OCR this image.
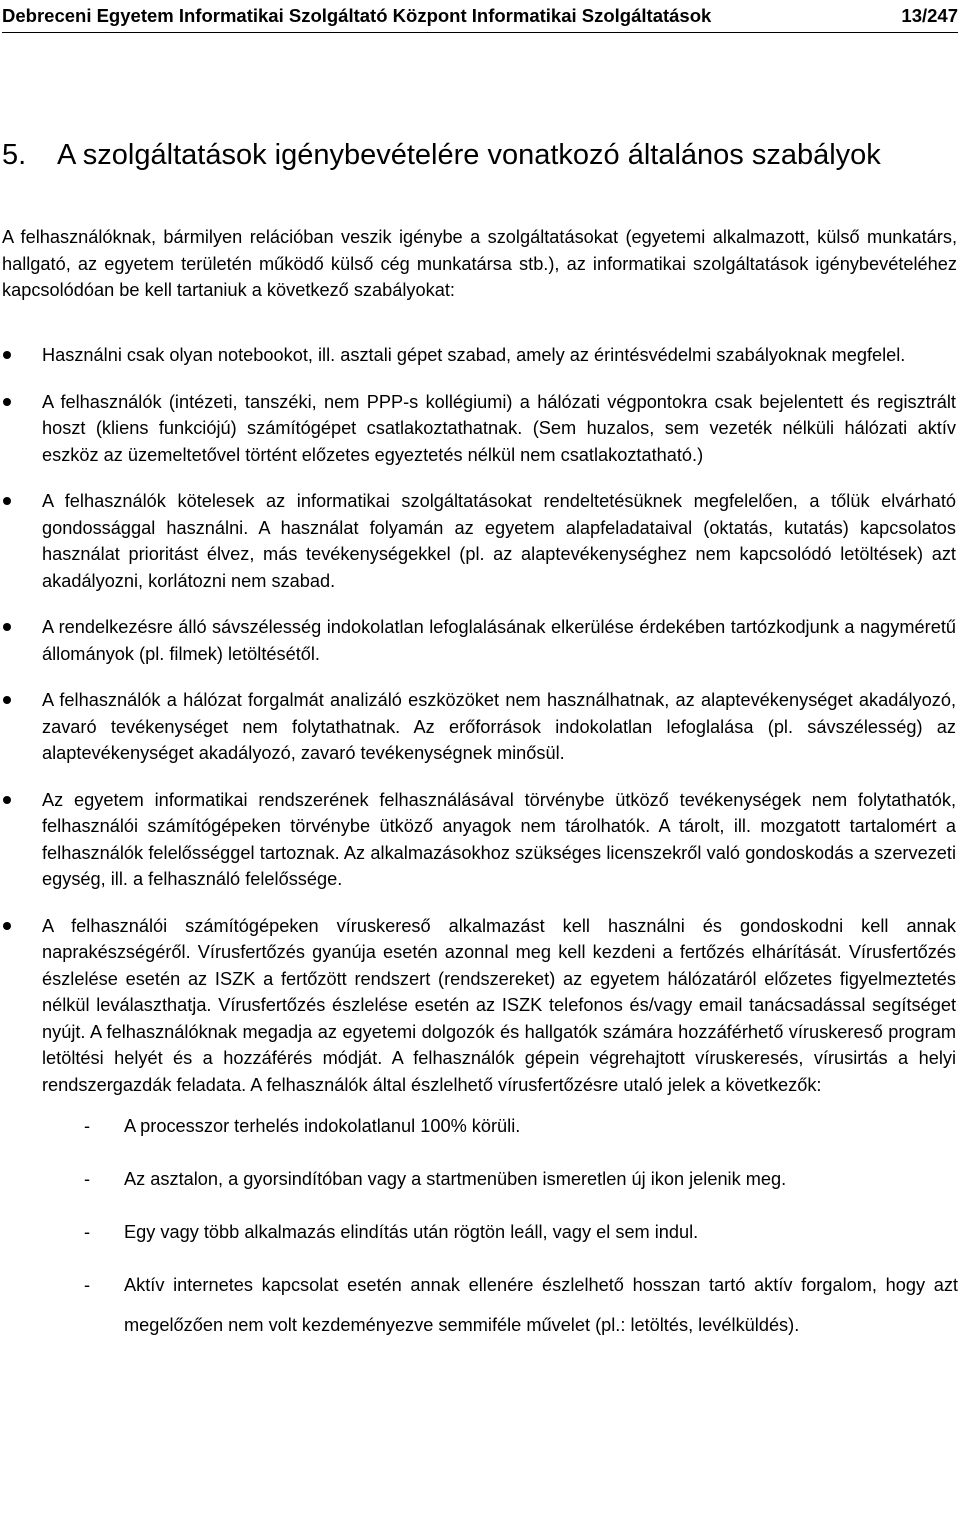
Debreceni Egyetem Informatikai Szolgáltató Központ Informatikai Szolgáltatások	13/247
5. A szolgáltatások igénybevételére vonatkozó általános szabályok

A felhasználóknak, bármilyen relációban veszik igénybe a szolgáltatásokat (egyetemi alkalmazott, külső munkatárs, hallgató, az egyetem területén működő külső cég munkatársa stb.), az informatikai szolgáltatások igénybevételéhez kapcsolódóan be kell tartaniuk a következő szabályokat:

Használni csak olyan notebookot, ill. asztali gépet szabad, amely az érintésvédelmi szabályoknak megfelel.
A felhasználók (intézeti, tanszéki, nem PPP-s kollégiumi) a hálózati végpontokra csak bejelentett és regisztrált hoszt (kliens funkciójú) számítógépet csatlakoztathatnak. (Sem huzalos, sem vezeték nélküli hálózati aktív eszköz az üzemeltetővel történt előzetes egyeztetés nélkül nem csatlakoztatható.)
A felhasználók kötelesek az informatikai szolgáltatásokat rendeltetésüknek megfelelően, a tőlük elvárható gondossággal használni. A használat folyamán az egyetem alapfeladataival (oktatás, kutatás) kapcsolatos használat prioritást élvez, más tevékenységekkel (pl. az alaptevékenységhez nem kapcsolódó letöltések) azt akadályozni, korlátozni nem szabad.
A rendelkezésre álló sávszélesség indokolatlan lefoglalásának elkerülése érdekében tartózkodjunk a nagyméretű állományok (pl. filmek) letöltésétől.
A felhasználók a hálózat forgalmát analizáló eszközöket nem használhatnak, az alaptevékenységet akadályozó, zavaró tevékenységet nem folytathatnak. Az erőforrások indokolatlan lefoglalása (pl. sávszélesség) az alaptevékenységet akadályozó, zavaró tevékenységnek minősül.
Az egyetem informatikai rendszerének felhasználásával törvénybe ütköző tevékenységek nem folytathatók, felhasználói számítógépeken törvénybe ütköző anyagok nem tárolhatók. A tárolt, ill. mozgatott tartalomért a felhasználók felelősséggel tartoznak. Az alkalmazásokhoz szükséges licenszekről való gondoskodás a szervezeti egység, ill. a felhasználó felelőssége.
A felhasználói számítógépeken víruskereső alkalmazást kell használni és gondoskodni kell annak naprakészségéről. Vírusfertőzés gyanúja esetén azonnal meg kell kezdeni a fertőzés elhárítását. Vírusfertőzés észlelése esetén az ISZK a fertőzött rendszert (rendszereket) az egyetem hálózatáról előzetes figyelmeztetés nélkül leválaszthatja. Vírusfertőzés észlelése esetén az ISZK telefonos és/vagy email tanácsadással segítséget nyújt. A felhasználóknak megadja az egyetemi dolgozók és hallgatók számára hozzáférhető víruskereső program letöltési helyét és a hozzáférés módját. A felhasználók gépein végrehajtott víruskeresés, vírusirtás a helyi rendszergazdák feladata. A felhasználók által észlelhető vírusfertőzésre utaló jelek a következők:
- A processzor terhelés indokolatlanul 100% körüli.
- Az asztalon, a gyorsindítóban vagy a startmenüben ismeretlen új ikon jelenik meg.
- Egy vagy több alkalmazás elindítás után rögtön leáll, vagy el sem indul.
- Aktív internetes kapcsolat esetén annak ellenére észlelhető hosszan tartó aktív forgalom, hogy azt megelőzően nem volt kezdeményezve semmiféle művelet (pl.: letöltés, levélküldés).
